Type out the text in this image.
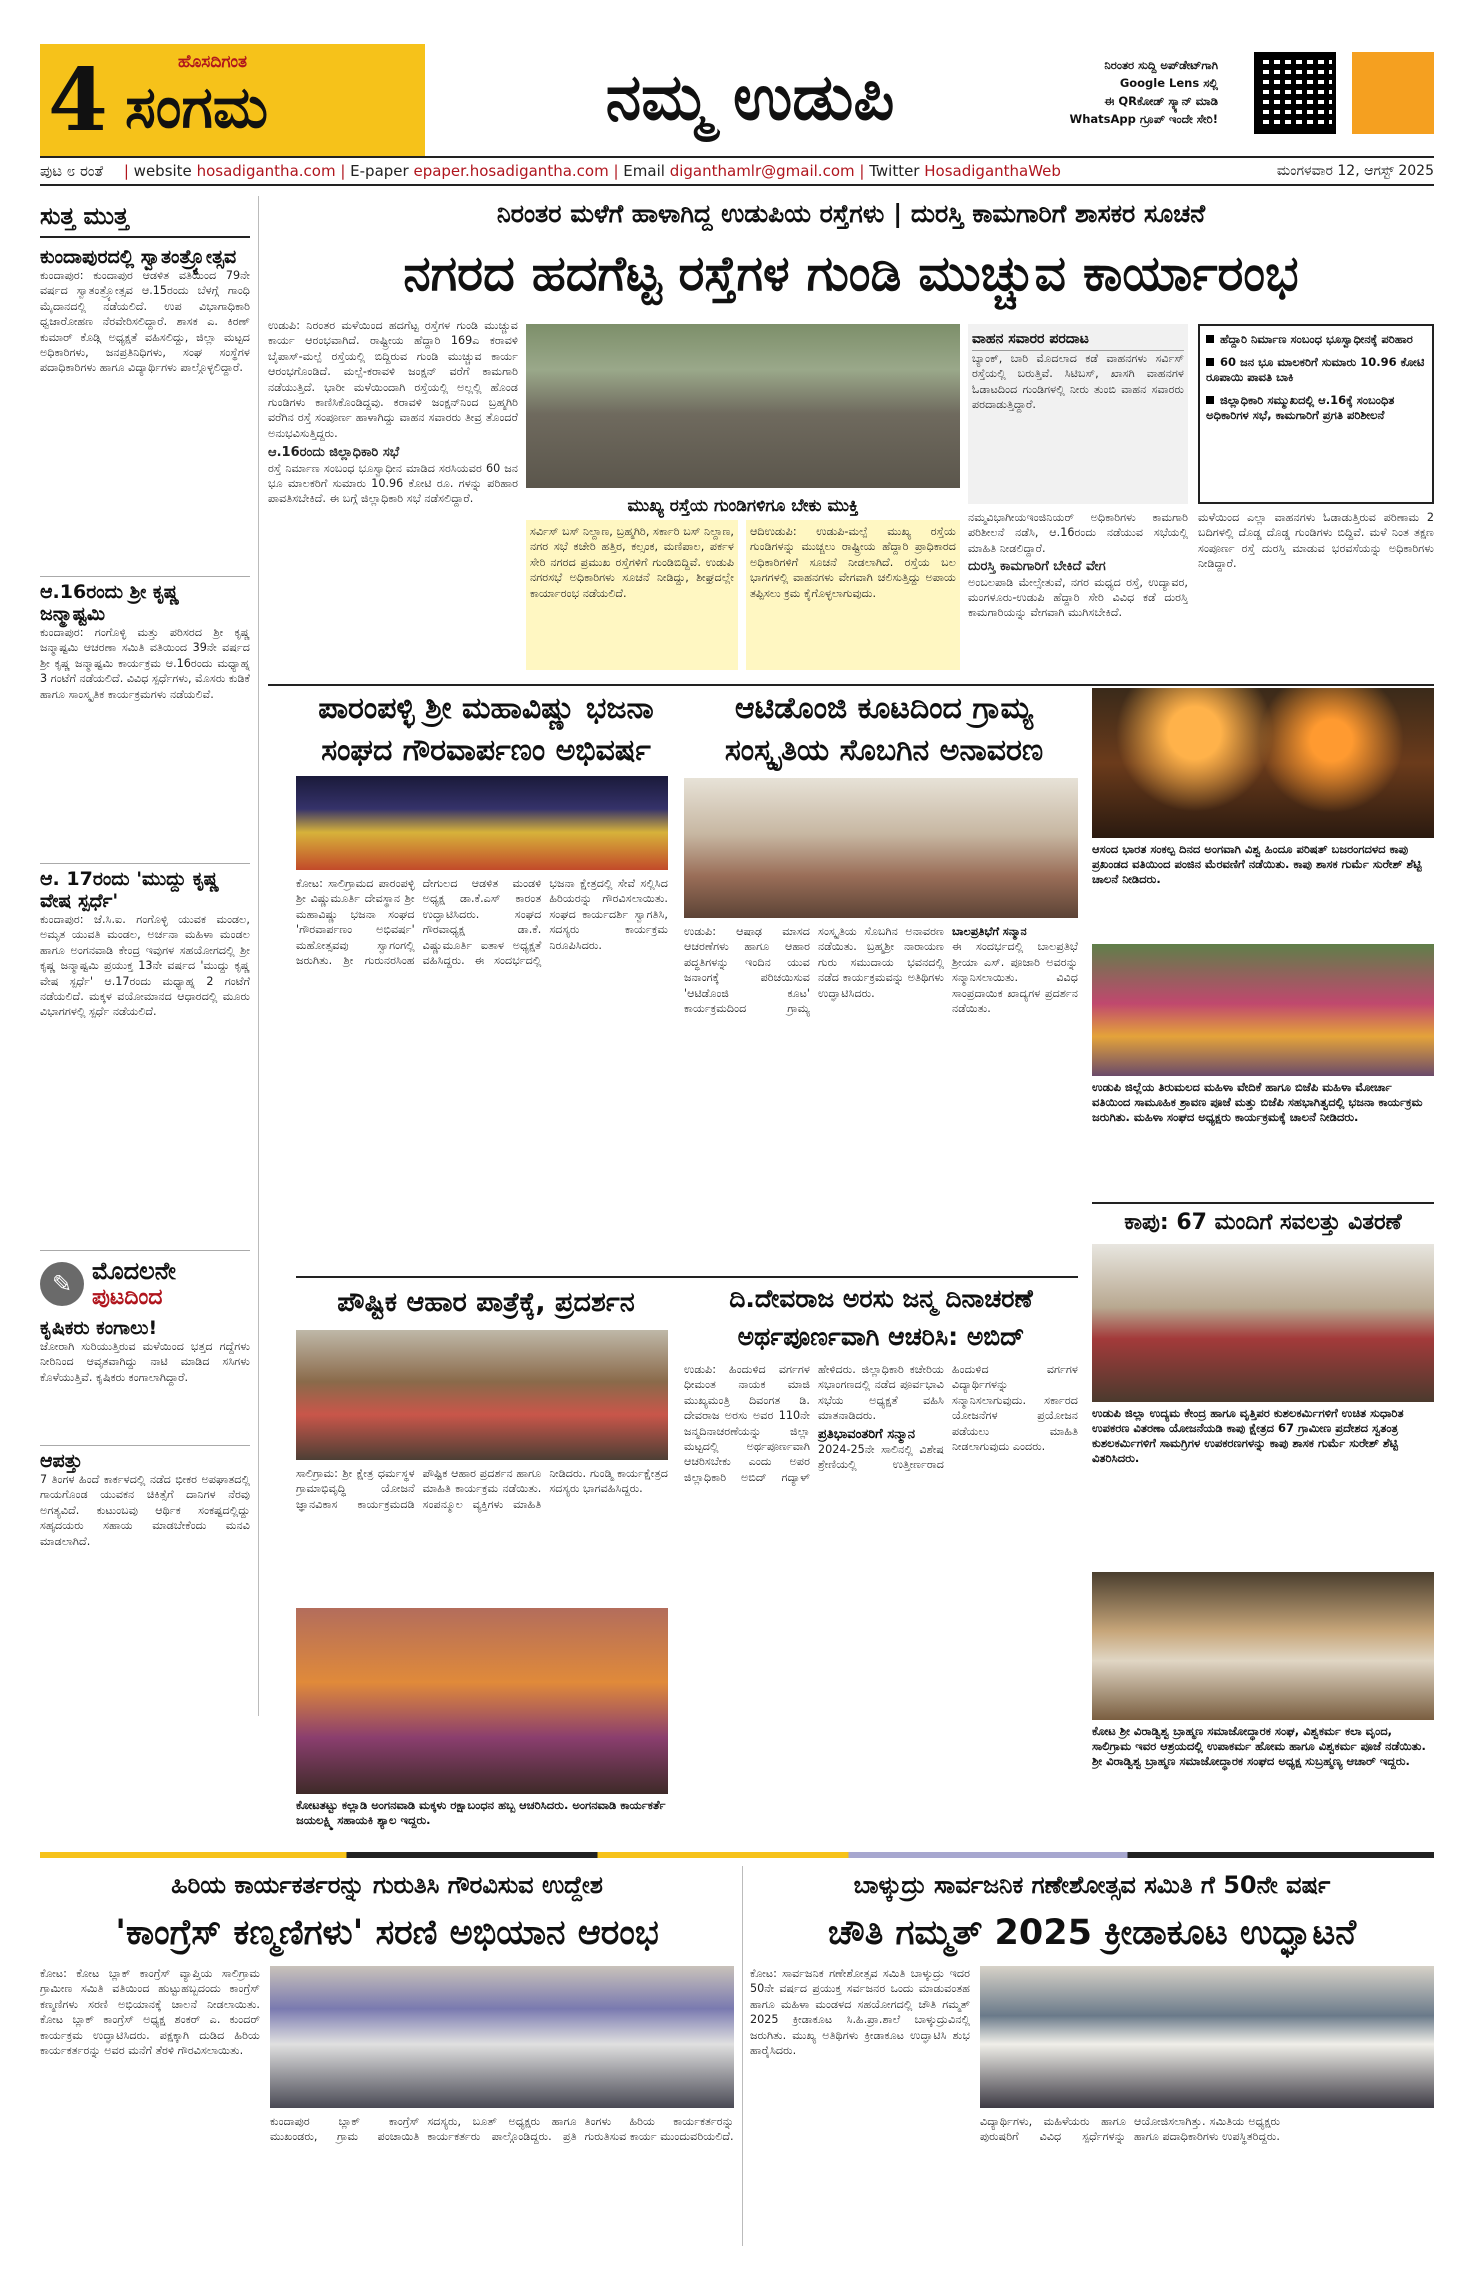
4	ಹೊಸದಿಗಂತ
ಸಂಗಮ	ನಮ್ಮ ಉಡುಪಿ	ನಿರಂತರ ಸುದ್ದಿ ಅಪ್‌ಡೇಟ್‌ಗಾಗಿ
Google Lens ಸಲ್ಲಿ
ಈ QRಕೋಡ್ ಸ್ಕ್ಯಾನ್ ಮಾಡಿ
WhatsApp ಗ್ರೂಪ್ ಇಂದೇ ಸೇರಿ!
ಪುಟ ೮ ರಂತೆ | website hosadigantha.com | E-paper epaper.hosadigantha.com | Email diganthamlr@gmail.com | Twitter HosadiganthaWeb	ಮಂಗಳವಾರ 12, ಆಗಸ್ಟ್ 2025
ಸುತ್ತ ಮುತ್ತ
ಕುಂದಾಪುರದಲ್ಲಿ ಸ್ವಾತಂತ್ರ್ಯೋತ್ಸವ
ಕುಂದಾಪುರ: ಕುಂದಾಪುರ ಆಡಳಿತ ವತಿಯಿಂದ 79ನೇ ವರ್ಷದ ಸ್ವಾತಂತ್ರ್ಯೋತ್ಸವ ಆ.15ರಂದು ಬೆಳಗ್ಗೆ ಗಾಂಧಿ ಮೈದಾನದಲ್ಲಿ ನಡೆಯಲಿದೆ. ಉಪ ವಿಭಾಗಾಧಿಕಾರಿ ಧ್ವಜಾರೋಹಣ ನೆರವೇರಿಸಲಿದ್ದಾರೆ. ಶಾಸಕ ಎ. ಕಿರಣ್ ಕುಮಾರ್ ಕೊಡ್ಗಿ ಅಧ್ಯಕ್ಷತೆ ವಹಿಸಲಿದ್ದು, ಜಿಲ್ಲಾ ಮಟ್ಟದ ಅಧಿಕಾರಿಗಳು, ಜನಪ್ರತಿನಿಧಿಗಳು, ಸಂಘ ಸಂಸ್ಥೆಗಳ ಪದಾಧಿಕಾರಿಗಳು ಹಾಗೂ ವಿದ್ಯಾರ್ಥಿಗಳು ಪಾಲ್ಗೊಳ್ಳಲಿದ್ದಾರೆ.
ಆ.16ರಂದು ಶ್ರೀ ಕೃಷ್ಣ ಜನ್ಮಾಷ್ಟಮಿ
ಕುಂದಾಪುರ: ಗಂಗೊಳ್ಳಿ ಮತ್ತು ಪರಿಸರದ ಶ್ರೀ ಕೃಷ್ಣ ಜನ್ಮಾಷ್ಟಮಿ ಆಚರಣಾ ಸಮಿತಿ ವತಿಯಿಂದ 39ನೇ ವರ್ಷದ ಶ್ರೀ ಕೃಷ್ಣ ಜನ್ಮಾಷ್ಟಮಿ ಕಾರ್ಯಕ್ರಮ ಆ.16ರಂದು ಮಧ್ಯಾಹ್ನ 3 ಗಂಟೆಗೆ ನಡೆಯಲಿದೆ. ವಿವಿಧ ಸ್ಪರ್ಧೆಗಳು, ಮೊಸರು ಕುಡಿಕೆ ಹಾಗೂ ಸಾಂಸ್ಕೃತಿಕ ಕಾರ್ಯಕ್ರಮಗಳು ನಡೆಯಲಿವೆ.
ಆ. 17ರಂದು 'ಮುದ್ದು ಕೃಷ್ಣ ವೇಷ ಸ್ಪರ್ಧೆ'
ಕುಂದಾಪುರ: ಜೆ.ಸಿ.ಐ. ಗಂಗೊಳ್ಳಿ ಯುವಕ ಮಂಡಲ, ಅಮೃತ ಯುವತಿ ಮಂಡಲ, ಅರ್ಚನಾ ಮಹಿಳಾ ಮಂಡಲ ಹಾಗೂ ಅಂಗನವಾಡಿ ಕೇಂದ್ರ ಇವುಗಳ ಸಹಯೋಗದಲ್ಲಿ ಶ್ರೀ ಕೃಷ್ಣ ಜನ್ಮಾಷ್ಟಮಿ ಪ್ರಯುಕ್ತ 13ನೇ ವರ್ಷದ 'ಮುದ್ದು ಕೃಷ್ಣ ವೇಷ ಸ್ಪರ್ಧೆ' ಆ.17ರಂದು ಮಧ್ಯಾಹ್ನ 2 ಗಂಟೆಗೆ ನಡೆಯಲಿದೆ. ಮಕ್ಕಳ ವಯೋಮಾನದ ಆಧಾರದಲ್ಲಿ ಮೂರು ವಿಭಾಗಗಳಲ್ಲಿ ಸ್ಪರ್ಧೆ ನಡೆಯಲಿದೆ.
✎ ಮೊದಲನೇ
ಪುಟದಿಂದ
ಕೃಷಿಕರು ಕಂಗಾಲು!
ಜೋರಾಗಿ ಸುರಿಯುತ್ತಿರುವ ಮಳೆಯಿಂದ ಭತ್ತದ ಗದ್ದೆಗಳು ನೀರಿನಿಂದ ಆವೃತವಾಗಿದ್ದು ನಾಟಿ ಮಾಡಿದ ಸಸಿಗಳು ಕೊಳೆಯುತ್ತಿವೆ. ಕೃಷಿಕರು ಕಂಗಾಲಾಗಿದ್ದಾರೆ.
ಆಪತ್ತು
7 ತಿಂಗಳ ಹಿಂದೆ ಕಾರ್ಕಳದಲ್ಲಿ ನಡೆದ ಭೀಕರ ಅಪಘಾತದಲ್ಲಿ ಗಾಯಗೊಂಡ ಯುವಕನ ಚಿಕಿತ್ಸೆಗೆ ದಾನಿಗಳ ನೆರವು ಅಗತ್ಯವಿದೆ. ಕುಟುಂಬವು ಆರ್ಥಿಕ ಸಂಕಷ್ಟದಲ್ಲಿದ್ದು ಸಹೃದಯರು ಸಹಾಯ ಮಾಡಬೇಕೆಂದು ಮನವಿ ಮಾಡಲಾಗಿದೆ.
ನಿರಂತರ ಮಳೆಗೆ ಹಾಳಾಗಿದ್ದ ಉಡುಪಿಯ ರಸ್ತೆಗಳು | ದುರಸ್ತಿ ಕಾಮಗಾರಿಗೆ ಶಾಸಕರ ಸೂಚನೆ
ನಗರದ ಹದಗೆಟ್ಟ ರಸ್ತೆಗಳ ಗುಂಡಿ ಮುಚ್ಚುವ ಕಾರ್ಯಾರಂಭ
ಉಡುಪಿ: ನಿರಂತರ ಮಳೆಯಿಂದ ಹದಗೆಟ್ಟ ರಸ್ತೆಗಳ ಗುಂಡಿ ಮುಚ್ಚುವ ಕಾರ್ಯ ಆರಂಭವಾಗಿದೆ. ರಾಷ್ಟ್ರೀಯ ಹೆದ್ದಾರಿ 169ಎ ಕರಾವಳಿ ಬೈಪಾಸ್-ಮಲ್ಪೆ ರಸ್ತೆಯಲ್ಲಿ ಬಿದ್ದಿರುವ ಗುಂಡಿ ಮುಚ್ಚುವ ಕಾರ್ಯ ಆರಂಭಗೊಂಡಿದೆ. ಮಲ್ಪೆ-ಕರಾವಳಿ ಜಂಕ್ಷನ್ ವರೆಗೆ ಕಾಮಗಾರಿ ನಡೆಯುತ್ತಿದೆ. ಭಾರೀ ಮಳೆಯಿಂದಾಗಿ ರಸ್ತೆಯಲ್ಲಿ ಅಲ್ಲಲ್ಲಿ ಹೊಂಡ ಗುಂಡಿಗಳು ಕಾಣಿಸಿಕೊಂಡಿದ್ದವು. ಕರಾವಳಿ ಜಂಕ್ಷನ್‌ನಿಂದ ಬ್ರಹ್ಮಗಿರಿ ವರೆಗಿನ ರಸ್ತೆ ಸಂಪೂರ್ಣ ಹಾಳಾಗಿದ್ದು ವಾಹನ ಸವಾರರು ತೀವ್ರ ತೊಂದರೆ ಅನುಭವಿಸುತ್ತಿದ್ದರು.
ಆ.16ರಂದು ಜಿಲ್ಲಾಧಿಕಾರಿ ಸಭೆ
ರಸ್ತೆ ನಿರ್ಮಾಣ ಸಂಬಂಧ ಭೂಸ್ವಾಧೀನ ಮಾಡಿದ ಸರಸಿಯವರ 60 ಜನ ಭೂ ಮಾಲಕರಿಗೆ ಸುಮಾರು 10.96 ಕೋಟಿ ರೂ. ಗಳನ್ನು ಪರಿಹಾರ ಪಾವತಿಸಬೇಕಿದೆ. ಈ ಬಗ್ಗೆ ಜಿಲ್ಲಾಧಿಕಾರಿ ಸಭೆ ನಡೆಸಲಿದ್ದಾರೆ.	ಮುಖ್ಯ ರಸ್ತೆಯ ಗುಂಡಿಗಳಿಗೂ ಬೇಕು ಮುಕ್ತಿ
ಸರ್ವಿಸ್ ಬಸ್ ನಿಲ್ದಾಣ, ಬ್ರಹ್ಮಗಿರಿ, ಸರ್ಕಾರಿ ಬಸ್ ನಿಲ್ದಾಣ, ನಗರ ಸಭೆ ಕಚೇರಿ ಹತ್ತಿರ, ಕಲ್ಸಂಕ, ಮಣಿಪಾಲ, ಪರ್ಕಳ ಸೇರಿ ನಗರದ ಪ್ರಮುಖ ರಸ್ತೆಗಳಿಗೆ ಗುಂಡಿಬಿದ್ದಿವೆ. ಉಡುಪಿ ನಗರಸಭೆ ಅಧಿಕಾರಿಗಳು ಸೂಚನೆ ನೀಡಿದ್ದು, ಶೀಘ್ರದಲ್ಲೇ ಕಾರ್ಯಾರಂಭ ನಡೆಯಲಿದೆ.
ಆದಿಉಡುಪಿ: ಉಡುಪಿ-ಮಲ್ಪೆ ಮುಖ್ಯ ರಸ್ತೆಯ ಗುಂಡಿಗಳನ್ನು ಮುಚ್ಚಲು ರಾಷ್ಟ್ರೀಯ ಹೆದ್ದಾರಿ ಪ್ರಾಧಿಕಾರದ ಅಧಿಕಾರಿಗಳಿಗೆ ಸೂಚನೆ ನೀಡಲಾಗಿದೆ. ರಸ್ತೆಯ ಬಲ ಭಾಗಗಳಲ್ಲಿ ವಾಹನಗಳು ವೇಗವಾಗಿ ಚಲಿಸುತ್ತಿದ್ದು ಅಪಾಯ ತಪ್ಪಿಸಲು ಕ್ರಮ ಕೈಗೊಳ್ಳಲಾಗುವುದು.
ವಾಹನ ಸವಾರರ ಪರದಾಟ
ಬ್ಯಾಂಕ್, ಬಾರಿ ಮೊದಲಾದ ಕಡೆ ವಾಹನಗಳು ಸರ್ವಿಸ್ ರಸ್ತೆಯಲ್ಲಿ ಬರುತ್ತಿವೆ. ಸಿಟಿಬಸ್, ಖಾಸಗಿ ವಾಹನಗಳ ಓಡಾಟದಿಂದ ಗುಂಡಿಗಳಲ್ಲಿ ನೀರು ತುಂಬಿ ವಾಹನ ಸವಾರರು ಪರದಾಡುತ್ತಿದ್ದಾರೆ.
ನಮ್ಮವಿಭಾಗೀಯಇಂಜಿನಿಯರ್ ಅಧಿಕಾರಿಗಳು ಕಾಮಗಾರಿ ಪರಿಶೀಲನೆ ನಡೆಸಿ, ಆ.16ರಂದು ನಡೆಯುವ ಸಭೆಯಲ್ಲಿ ಮಾಹಿತಿ ನೀಡಲಿದ್ದಾರೆ.
ದುರಸ್ತಿ ಕಾಮಗಾರಿಗೆ ಬೇಕಿದೆ ವೇಗ
ಅಂಬಲಪಾಡಿ ಮೇಲ್ಸೇತುವೆ, ನಗರ ಮಧ್ಯದ ರಸ್ತೆ, ಉದ್ಯಾವರ, ಮಂಗಳೂರು-ಉಡುಪಿ ಹೆದ್ದಾರಿ ಸೇರಿ ವಿವಿಧ ಕಡೆ ದುರಸ್ತಿ ಕಾಮಗಾರಿಯನ್ನು ವೇಗವಾಗಿ ಮುಗಿಸಬೇಕಿದೆ.
ಹೆದ್ದಾರಿ ನಿರ್ಮಾಣ ಸಂಬಂಧ ಭೂಸ್ವಾಧೀನಕ್ಕೆ ಪರಿಹಾರ
60 ಜನ ಭೂ ಮಾಲಕರಿಗೆ ಸುಮಾರು 10.96 ಕೋಟಿ ರೂಪಾಯಿ ಪಾವತಿ ಬಾಕಿ
ಜಿಲ್ಲಾಧಿಕಾರಿ ಸಮ್ಮುಖದಲ್ಲಿ ಆ.16ಕ್ಕೆ ಸಂಬಂಧಿತ ಅಧಿಕಾರಿಗಳ ಸಭೆ, ಕಾಮಗಾರಿಗೆ ಪ್ರಗತಿ ಪರಿಶೀಲನೆ
ಮಳೆಯಿಂದ ಎಲ್ಲಾ ವಾಹನಗಳು ಓಡಾಡುತ್ತಿರುವ ಪರಿಣಾಮ 2 ಬದಿಗಳಲ್ಲಿ ದೊಡ್ಡ ದೊಡ್ಡ ಗುಂಡಿಗಳು ಬಿದ್ದಿವೆ. ಮಳೆ ನಿಂತ ತಕ್ಷಣ ಸಂಪೂರ್ಣ ರಸ್ತೆ ದುರಸ್ತಿ ಮಾಡುವ ಭರವಸೆಯನ್ನು ಅಧಿಕಾರಿಗಳು ನೀಡಿದ್ದಾರೆ.
ಪಾರಂಪಳ್ಳಿ ಶ್ರೀ ಮಹಾವಿಷ್ಣು ಭಜನಾ ಸಂಘದ ಗೌರವಾರ್ಪಣಂ ಅಭಿವರ್ಷ
ಕೋಟ: ಸಾಲಿಗ್ರಾಮದ ಪಾರಂಪಳ್ಳಿ ಶ್ರೀ ವಿಷ್ಣುಮೂರ್ತಿ ದೇವಸ್ಥಾನ ಶ್ರೀ ಮಹಾವಿಷ್ಣು ಭಜನಾ ಸಂಘದ 'ಗೌರವಾರ್ಪಣಂ ಅಭಿವರ್ಷ' ಮಹೋತ್ಸವವು ಸ್ವಾಗಂಗಲ್ಲಿ ಜರುಗಿತು. ಶ್ರೀ ಗುರುನರಸಿಂಹ ದೇಗುಲದ ಆಡಳಿತ ಮಂಡಳಿ ಅಧ್ಯಕ್ಷ ಡಾ.ಕೆ.ಎಸ್ ಕಾರಂತ ಉದ್ಘಾಟಿಸಿದರು. ಸಂಘದ ಗೌರವಾಧ್ಯಕ್ಷ ಡಾ.ಕೆ. ವಿಷ್ಣುಮೂರ್ತಿ ಐತಾಳ ಅಧ್ಯಕ್ಷತೆ ವಹಿಸಿದ್ದರು. ಈ ಸಂದರ್ಭದಲ್ಲಿ ಭಜನಾ ಕ್ಷೇತ್ರದಲ್ಲಿ ಸೇವೆ ಸಲ್ಲಿಸಿದ ಹಿರಿಯರನ್ನು ಗೌರವಿಸಲಾಯಿತು. ಸಂಘದ ಕಾರ್ಯದರ್ಶಿ ಸ್ವಾಗತಿಸಿ, ಸದಸ್ಯರು ಕಾರ್ಯಕ್ರಮ ನಿರೂಪಿಸಿದರು.
ಆಟಿಡೊಂಜಿ ಕೂಟದಿಂದ ಗ್ರಾಮ್ಯ ಸಂಸ್ಕೃತಿಯ ಸೊಬಗಿನ ಅನಾವರಣ
ಉಡುಪಿ: ಆಷಾಢ ಮಾಸದ ಆಚರಣೆಗಳು ಹಾಗೂ ಆಹಾರ ಪದ್ಧತಿಗಳನ್ನು ಇಂದಿನ ಯುವ ಜನಾಂಗಕ್ಕೆ ಪರಿಚಯಿಸುವ 'ಆಟಿಡೊಂಜಿ ಕೂಟ' ಕಾರ್ಯಕ್ರಮದಿಂದ ಗ್ರಾಮ್ಯ ಸಂಸ್ಕೃತಿಯ ಸೊಬಗಿನ ಅನಾವರಣ ನಡೆಯಿತು. ಬ್ರಹ್ಮಶ್ರೀ ನಾರಾಯಣ ಗುರು ಸಮುದಾಯ ಭವನದಲ್ಲಿ ನಡೆದ ಕಾರ್ಯಕ್ರಮವನ್ನು ಅತಿಥಿಗಳು ಉದ್ಘಾಟಿಸಿದರು.
ಬಾಲಪ್ರತಿಭೆಗೆ ಸನ್ಮಾನ
ಈ ಸಂದರ್ಭದಲ್ಲಿ ಬಾಲಪ್ರತಿಭೆ ಶ್ರೀಯಾ ಎಸ್. ಪೂಜಾರಿ ಅವರನ್ನು ಸನ್ಮಾನಿಸಲಾಯಿತು. ವಿವಿಧ ಸಾಂಪ್ರದಾಯಿಕ ಖಾದ್ಯಗಳ ಪ್ರದರ್ಶನ ನಡೆಯಿತು.
ಆಸಂದ ಭಾರತ ಸಂಕಲ್ಪ ದಿನದ ಅಂಗವಾಗಿ ವಿಶ್ವ ಹಿಂದೂ ಪರಿಷತ್ ಬಜರಂಗದಳದ ಕಾಪು ಪ್ರಖಂಡದ ವತಿಯಿಂದ ಪಂಜಿನ ಮೆರವಣಿಗೆ ನಡೆಯಿತು. ಕಾಪು ಶಾಸಕ ಗುರ್ಮೆ ಸುರೇಶ್ ಶೆಟ್ಟಿ ಚಾಲನೆ ನೀಡಿದರು.
ಉಡುಪಿ ಜಿಲ್ಲೆಯ ತಿರುಮಲದ ಮಹಿಳಾ ವೇದಿಕೆ ಹಾಗೂ ಬಿಜೆಪಿ ಮಹಿಳಾ ಮೋರ್ಚಾ ವತಿಯಿಂದ ಸಾಮೂಹಿಕ ಶ್ರಾವಣ ಪೂಜೆ ಮತ್ತು ಬಿಜೆಪಿ ಸಹಭಾಗಿತ್ವದಲ್ಲಿ ಭಜನಾ ಕಾರ್ಯಕ್ರಮ ಜರುಗಿತು. ಮಹಿಳಾ ಸಂಘದ ಅಧ್ಯಕ್ಷರು ಕಾರ್ಯಕ್ರಮಕ್ಕೆ ಚಾಲನೆ ನೀಡಿದರು.
ಕಾಪು: 67 ಮಂದಿಗೆ ಸವಲತ್ತು ವಿತರಣೆ
ಉಡುಪಿ ಜಿಲ್ಲಾ ಉದ್ಯಮ ಕೇಂದ್ರ ಹಾಗೂ ವೃತ್ತಿಪರ ಕುಶಲಕರ್ಮಿಗಳಿಗೆ ಉಚಿತ ಸುಧಾರಿತ ಉಪಕರಣ ವಿತರಣಾ ಯೋಜನೆಯಡಿ ಕಾಪು ಕ್ಷೇತ್ರದ 67 ಗ್ರಾಮೀಣ ಪ್ರದೇಶದ ಸ್ವತಂತ್ರ ಕುಶಲಕರ್ಮಿಗಳಿಗೆ ಸಾಮಗ್ರಿಗಳ ಉಪಕರಣಗಳನ್ನು ಕಾಪು ಶಾಸಕ ಗುರ್ಮೆ ಸುರೇಶ್ ಶೆಟ್ಟಿ ವಿತರಿಸಿದರು.
ಕೋಟ ಶ್ರೀ ವಿರಾಡ್ವಿಶ್ವ ಬ್ರಾಹ್ಮಣ ಸಮಾಜೋದ್ಧಾರಕ ಸಂಘ, ವಿಶ್ವಕರ್ಮ ಕಲಾ ವೃಂದ, ಸಾಲಿಗ್ರಾಮ ಇವರ ಆಶ್ರಯದಲ್ಲಿ ಉಪಾಕರ್ಮ ಹೋಮ ಹಾಗೂ ವಿಶ್ವಕರ್ಮ ಪೂಜೆ ನಡೆಯಿತು. ಶ್ರೀ ವಿರಾಡ್ವಿಶ್ವ ಬ್ರಾಹ್ಮಣ ಸಮಾಜೋದ್ಧಾರಕ ಸಂಘದ ಅಧ್ಯಕ್ಷ ಸುಬ್ರಹ್ಮಣ್ಯ ಆಚಾರ್ ಇದ್ದರು.
ಪೌಷ್ಟಿಕ ಆಹಾರ ಪಾತ್ರೆಕ್ಕೆ, ಪ್ರದರ್ಶನ
ಸಾಲಿಗ್ರಾಮ: ಶ್ರೀ ಕ್ಷೇತ್ರ ಧರ್ಮಸ್ಥಳ ಗ್ರಾಮಾಭಿವೃದ್ಧಿ ಯೋಜನೆ ಜ್ಞಾನವಿಕಾಸ ಕಾರ್ಯಕ್ರಮದಡಿ ಪೌಷ್ಟಿಕ ಆಹಾರ ಪ್ರದರ್ಶನ ಹಾಗೂ ಮಾಹಿತಿ ಕಾರ್ಯಕ್ರಮ ನಡೆಯಿತು. ಸಂಪನ್ಮೂಲ ವ್ಯಕ್ತಿಗಳು ಮಾಹಿತಿ ನೀಡಿದರು. ಗುಂಡ್ಮಿ ಕಾರ್ಯಕ್ಷೇತ್ರದ ಸದಸ್ಯರು ಭಾಗವಹಿಸಿದ್ದರು.
ಕೋಟತಟ್ಟು ಕಲ್ಲಾಡಿ ಅಂಗನವಾಡಿ ಮಕ್ಕಳು ರಕ್ಷಾಬಂಧನ ಹಬ್ಬ ಆಚರಿಸಿದರು. ಅಂಗನವಾಡಿ ಕಾರ್ಯಕರ್ತೆ ಜಯಲಕ್ಷ್ಮಿ ಸಹಾಯಕಿ ಶ್ಯಾಲ ಇದ್ದರು.
ದಿ.ದೇವರಾಜ ಅರಸು ಜನ್ಮ ದಿನಾಚರಣೆ
ಅರ್ಥಪೂರ್ಣವಾಗಿ ಆಚರಿಸಿ: ಅಬಿದ್
ಉಡುಪಿ: ಹಿಂದುಳಿದ ವರ್ಗಗಳ ಧೀಮಂತ ನಾಯಕ ಮಾಜಿ ಮುಖ್ಯಮಂತ್ರಿ ದಿವಂಗತ ಡಿ. ದೇವರಾಜ ಅರಸು ಅವರ 110ನೇ ಜನ್ಮದಿನಾಚರಣೆಯನ್ನು ಜಿಲ್ಲಾ ಮಟ್ಟದಲ್ಲಿ ಅರ್ಥಪೂರ್ಣವಾಗಿ ಆಚರಿಸಬೇಕು ಎಂದು ಅಪರ ಜಿಲ್ಲಾಧಿಕಾರಿ ಅಬಿದ್ ಗದ್ಯಾಳ್ ಹೇಳಿದರು. ಜಿಲ್ಲಾಧಿಕಾರಿ ಕಚೇರಿಯ ಸಭಾಂಗಣದಲ್ಲಿ ನಡೆದ ಪೂರ್ವಭಾವಿ ಸಭೆಯ ಅಧ್ಯಕ್ಷತೆ ವಹಿಸಿ ಮಾತನಾಡಿದರು.
ಪ್ರತಿಭಾವಂತರಿಗೆ ಸನ್ಮಾನ
2024-25ನೇ ಸಾಲಿನಲ್ಲಿ ವಿಶೇಷ ಶ್ರೇಣಿಯಲ್ಲಿ ಉತ್ತೀರ್ಣರಾದ ಹಿಂದುಳಿದ ವರ್ಗಗಳ ವಿದ್ಯಾರ್ಥಿಗಳನ್ನು ಸನ್ಮಾನಿಸಲಾಗುವುದು. ಸರ್ಕಾರದ ಯೋಜನೆಗಳ ಪ್ರಯೋಜನ ಪಡೆಯಲು ಮಾಹಿತಿ ನೀಡಲಾಗುವುದು ಎಂದರು.
ಹಿರಿಯ ಕಾರ್ಯಕರ್ತರನ್ನು ಗುರುತಿಸಿ ಗೌರವಿಸುವ ಉದ್ದೇಶ
'ಕಾಂಗ್ರೆಸ್ ಕಣ್ಮಣಿಗಳು' ಸರಣಿ ಅಭಿಯಾನ ಆರಂಭ
ಕೋಟ: ಕೋಟ ಬ್ಲಾಕ್ ಕಾಂಗ್ರೆಸ್ ವ್ಯಾಪ್ತಿಯ ಸಾಲಿಗ್ರಾಮ ಗ್ರಾಮೀಣ ಸಮಿತಿ ವತಿಯಿಂದ ಹುಟ್ಟುಹಬ್ಬದಂದು ಕಾಂಗ್ರೆಸ್ ಕಣ್ಮಣಿಗಳು ಸರಣಿ ಅಭಿಯಾನಕ್ಕೆ ಚಾಲನೆ ನೀಡಲಾಯಿತು. ಕೋಟ ಬ್ಲಾಕ್ ಕಾಂಗ್ರೆಸ್ ಅಧ್ಯಕ್ಷ ಶಂಕರ್ ಎ. ಕುಂದರ್ ಕಾರ್ಯಕ್ರಮ ಉದ್ಘಾಟಿಸಿದರು. ಪಕ್ಷಕ್ಕಾಗಿ ದುಡಿದ ಹಿರಿಯ ಕಾರ್ಯಕರ್ತರನ್ನು ಅವರ ಮನೆಗೆ ತೆರಳಿ ಗೌರವಿಸಲಾಯಿತು.
ಕುಂದಾಪುರ ಬ್ಲಾಕ್ ಕಾಂಗ್ರೆಸ್ ಮುಖಂಡರು, ಗ್ರಾಮ ಪಂಚಾಯಿತಿ ಸದಸ್ಯರು, ಬೂತ್ ಅಧ್ಯಕ್ಷರು ಹಾಗೂ ಕಾರ್ಯಕರ್ತರು ಪಾಲ್ಗೊಂಡಿದ್ದರು. ಪ್ರತಿ ತಿಂಗಳು ಹಿರಿಯ ಕಾರ್ಯಕರ್ತರನ್ನು ಗುರುತಿಸುವ ಕಾರ್ಯ ಮುಂದುವರಿಯಲಿದೆ.
ಬಾಳ್ಕುದ್ರು ಸಾರ್ವಜನಿಕ ಗಣೇಶೋತ್ಸವ ಸಮಿತಿ ಗೆ 50ನೇ ವರ್ಷ
ಚೌತಿ ಗಮ್ಮತ್ 2025 ಕ್ರೀಡಾಕೂಟ ಉದ್ಘಾಟನೆ
ಕೋಟ: ಸಾರ್ವಜನಿಕ ಗಣೇಶೋತ್ಸವ ಸಮಿತಿ ಬಾಳ್ಕುದ್ರು ಇದರ 50ನೇ ವರ್ಷದ ಪ್ರಯುಕ್ತ ಸರ್ವಜನರ ಒಂದು ಮಾಡುವಂತಹ ಹಾಗೂ ಮಹಿಳಾ ಮಂಡಳದ ಸಹಯೋಗದಲ್ಲಿ ಚೌತಿ ಗಮ್ಮತ್ 2025 ಕ್ರೀಡಾಕೂಟ ಸಿ.ಹಿ.ಪ್ರಾ.ಶಾಲೆ ಬಾಳ್ಕುದ್ರುವಿನಲ್ಲಿ ಜರುಗಿತು. ಮುಖ್ಯ ಅತಿಥಿಗಳು ಕ್ರೀಡಾಕೂಟ ಉದ್ಘಾಟಿಸಿ ಶುಭ ಹಾರೈಸಿದರು.
ವಿದ್ಯಾರ್ಥಿಗಳು, ಮಹಿಳೆಯರು ಹಾಗೂ ಪುರುಷರಿಗೆ ವಿವಿಧ ಸ್ಪರ್ಧೆಗಳನ್ನು ಆಯೋಜಿಸಲಾಗಿತ್ತು. ಸಮಿತಿಯ ಅಧ್ಯಕ್ಷರು ಹಾಗೂ ಪದಾಧಿಕಾರಿಗಳು ಉಪಸ್ಥಿತರಿದ್ದರು.
